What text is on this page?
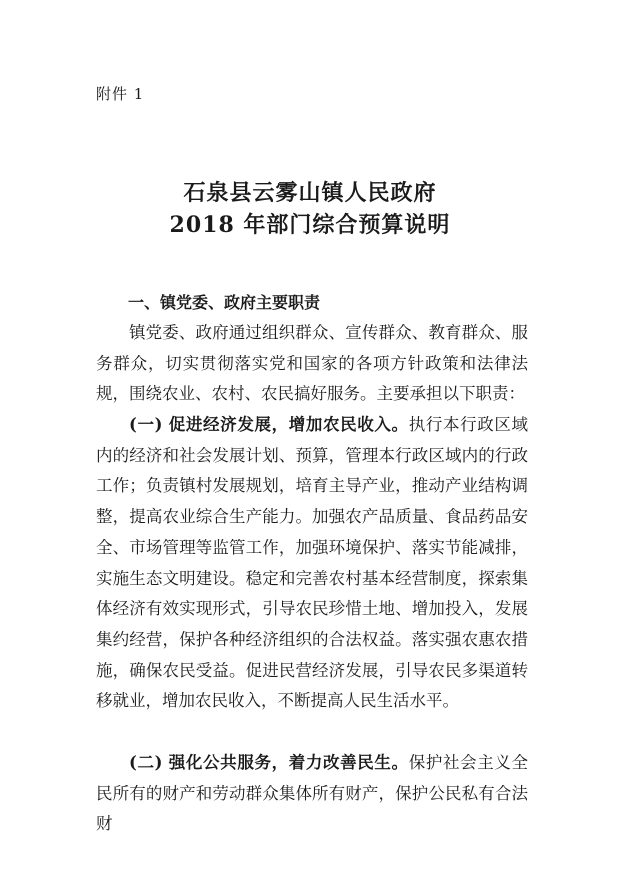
附件 1
石泉县云雾山镇人民政府
2018 年部门综合预算说明
一、镇党委、政府主要职责

镇党委、政府通过组织群众、宣传群众、教育群众、服务群众，切实贯彻落实党和国家的各项方针政策和法律法规，围绕农业、农村、农民搞好服务。主要承担以下职责：

(一) 促进经济发展，增加农民收入。执行本行政区域内的经济和社会发展计划、预算，管理本行政区域内的行政工作；负责镇村发展规划，培育主导产业，推动产业结构调整，提高农业综合生产能力。加强农产品质量、食品药品安全、市场管理等监管工作，加强环境保护、落实节能减排，实施生态文明建设。稳定和完善农村基本经营制度，探索集体经济有效实现形式，引导农民珍惜土地、增加投入，发展集约经营，保护各种经济组织的合法权益。落实强农惠农措施，确保农民受益。促进民营经济发展，引导农民多渠道转移就业，增加农民收入，不断提高人民生活水平。

(二) 强化公共服务，着力改善民生。保护社会主义全民所有的财产和劳动群众集体所有财产，保护公民私有合法财
